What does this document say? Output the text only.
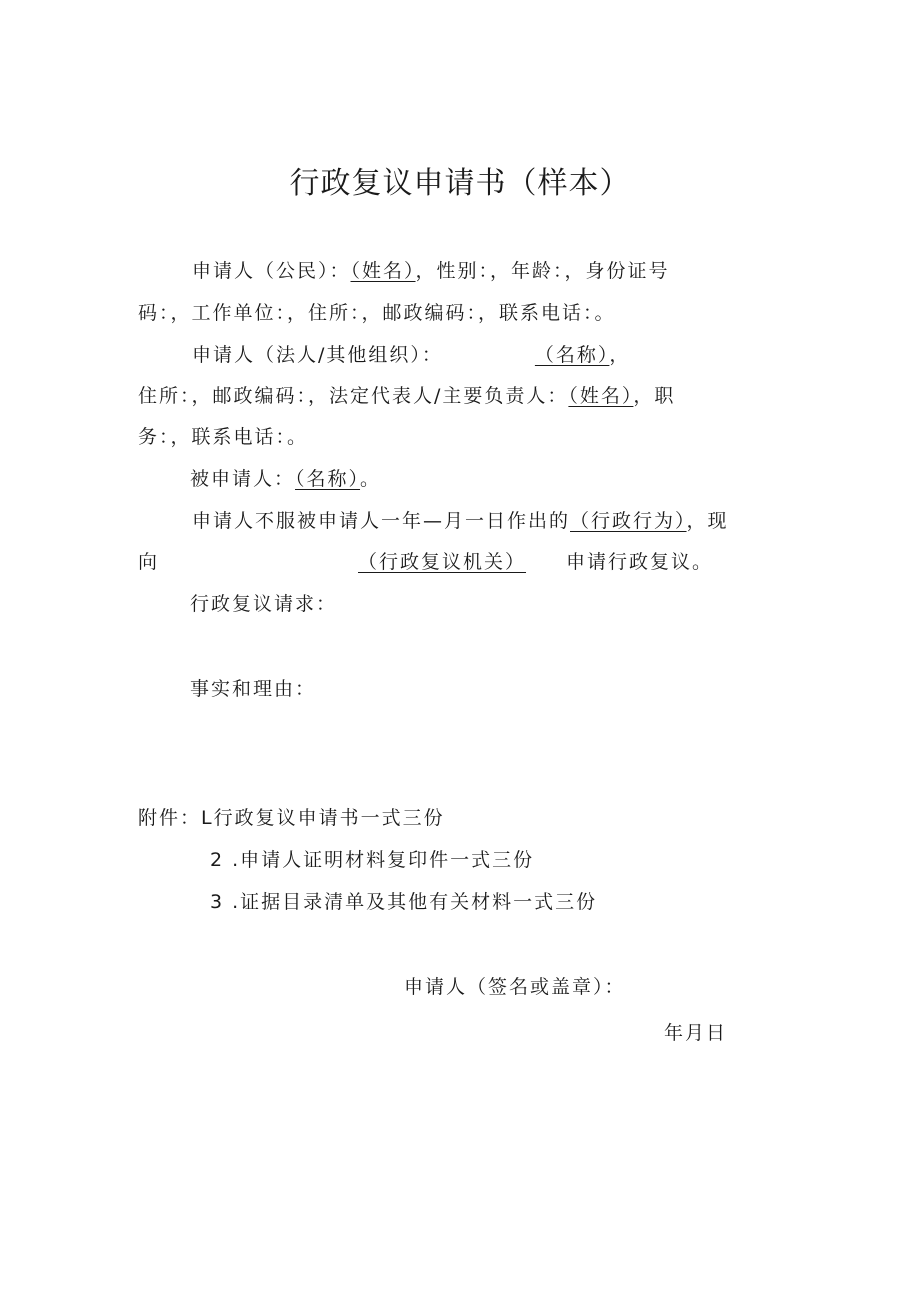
行政复议申请书（样本）
申请人（公民）：（姓名），性别：，年龄：，身份证号
码：，工作单位：，住所：，邮政编码：，联系电话：。
申请人（法人/其他组织）：	（名称），
住所：，邮政编码：，法定代表人/主要负责人：（姓名），职
务：，联系电话：。
被申请人：（名称）。
申请人不服被申请人一年—月一日作出的（行政行为），现
向	（行政复议机关） 申请行政复议。
行政复议请求：
事实和理由：
附件：L行政复议申请书一式三份
2 .申请人证明材料复印件一式三份
3 .证据目录清单及其他有关材料一式三份
申请人（签名或盖章）：
年月日
